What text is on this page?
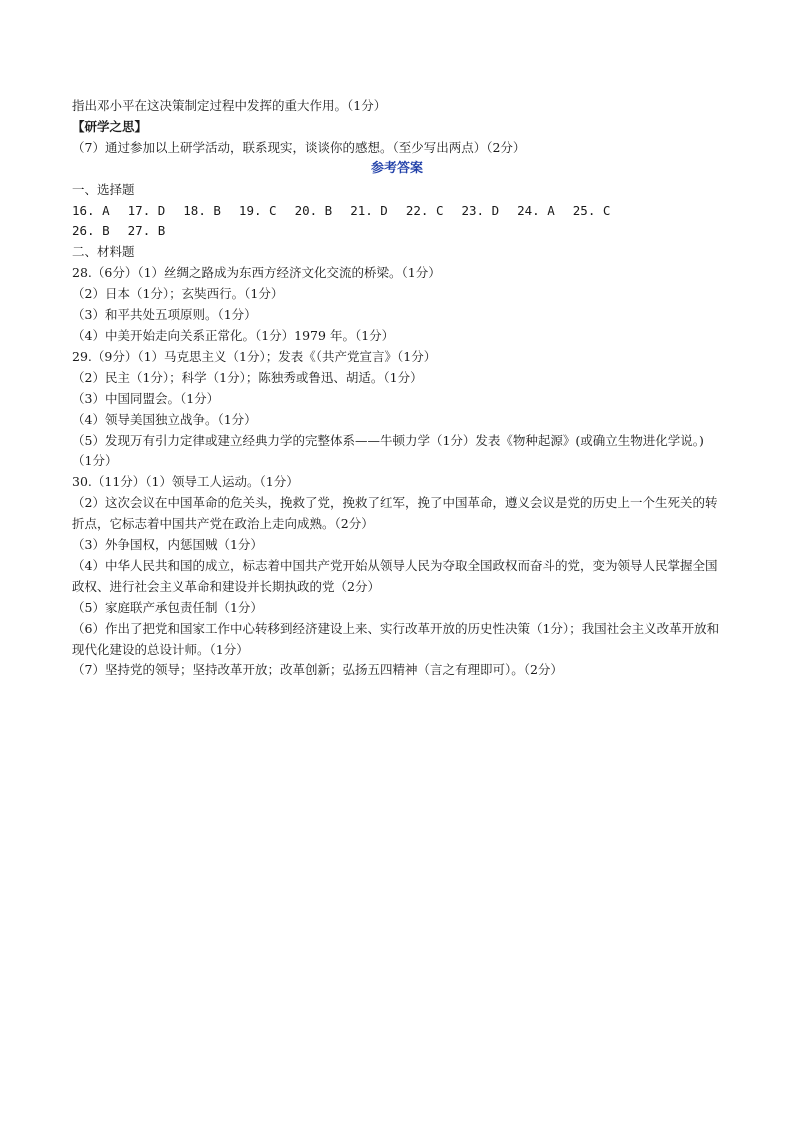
指出邓小平在这决策制定过程中发挥的重大作用。（1分）
【研学之思】
（7）通过参加以上研学活动，联系现实，谈谈你的感想。（至少写出两点）（2分）
参考答案
一、选择题
16. A 17. D 18. B 19. C 20. B 21. D 22. C 23. D 24. A 25. C
26. B 27. B
二、材料题
28.（6分）（1）丝绸之路成为东西方经济文化交流的桥梁。（1分）
（2）日本（1分）；玄奘西行。（1分）
（3）和平共处五项原则。（1分）
（4）中美开始走向关系正常化。（1分）1979 年。（1分）
29.（9分）（1）马克思主义（1分）；发表《（共产党宣言》（1分）
（2）民主（1分）；科学（1分）；陈独秀或鲁迅、胡适。（1分）
（3）中国同盟会。（1分）
（4）领导美国独立战争。（1分）
（5）发现万有引力定律或建立经典力学的完整体系——牛顿力学（1分）发表《物种起源》(或确立生物进化学说。)（1分）
30.（11分）（1）领导工人运动。（1分）
（2）这次会议在中国革命的危关头，挽救了党，挽救了红军，挽了中国革命，遵义会议是党的历史上一个生死关的转折点，它标志着中国共产党在政治上走向成熟。（2分）
（3）外争国权，内惩国贼（1分）
（4）中华人民共和国的成立，标志着中国共产党开始从领导人民为夺取全国政权而奋斗的党，变为领导人民掌握全国政权、进行社会主义革命和建设并长期执政的党（2分）
（5）家庭联产承包责任制（1分）
（6）作出了把党和国家工作中心转移到经济建设上来、实行改革开放的历史性决策（1分）；我国社会主义改革开放和现代化建设的总设计师。（1分）
（7）坚持党的领导；坚持改革开放；改革创新；弘扬五四精神（言之有理即可）。（2分）
